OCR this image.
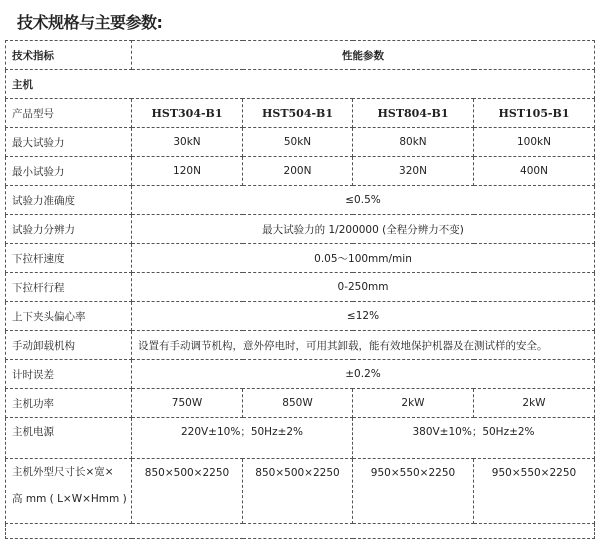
技术规格与主要参数:
技术指标	性能参数			
主机				
产品型号	HST304-B1	HST504-B1	HST804-B1	HST105-B1
最大试验力	30kN	50kN	80kN	100kN
最小试验力	120N	200N	320N	400N
试验力准确度	≤0.5%			
试验力分辨力	最大试验力的 1/200000 (全程分辨力不变)			
下拉杆速度	0.05～100mm/min			
下拉杆行程	0-250mm			
上下夹头偏心率	≤12%			
手动卸载机构	设置有手动调节机构，意外停电时，可用其卸载，能有效地保护机器及在测试样的安全。			
计时误差	±0.2%			
主机功率	750W	850W	2kW	2kW
主机电源	220V±10%；50Hz±2%		380V±10%；50Hz±2%	

主机外型尺寸长×宽×
高 mm ( L×W×Hmm )	850×500×2250	850×500×2250	950×550×2250	950×550×2250
